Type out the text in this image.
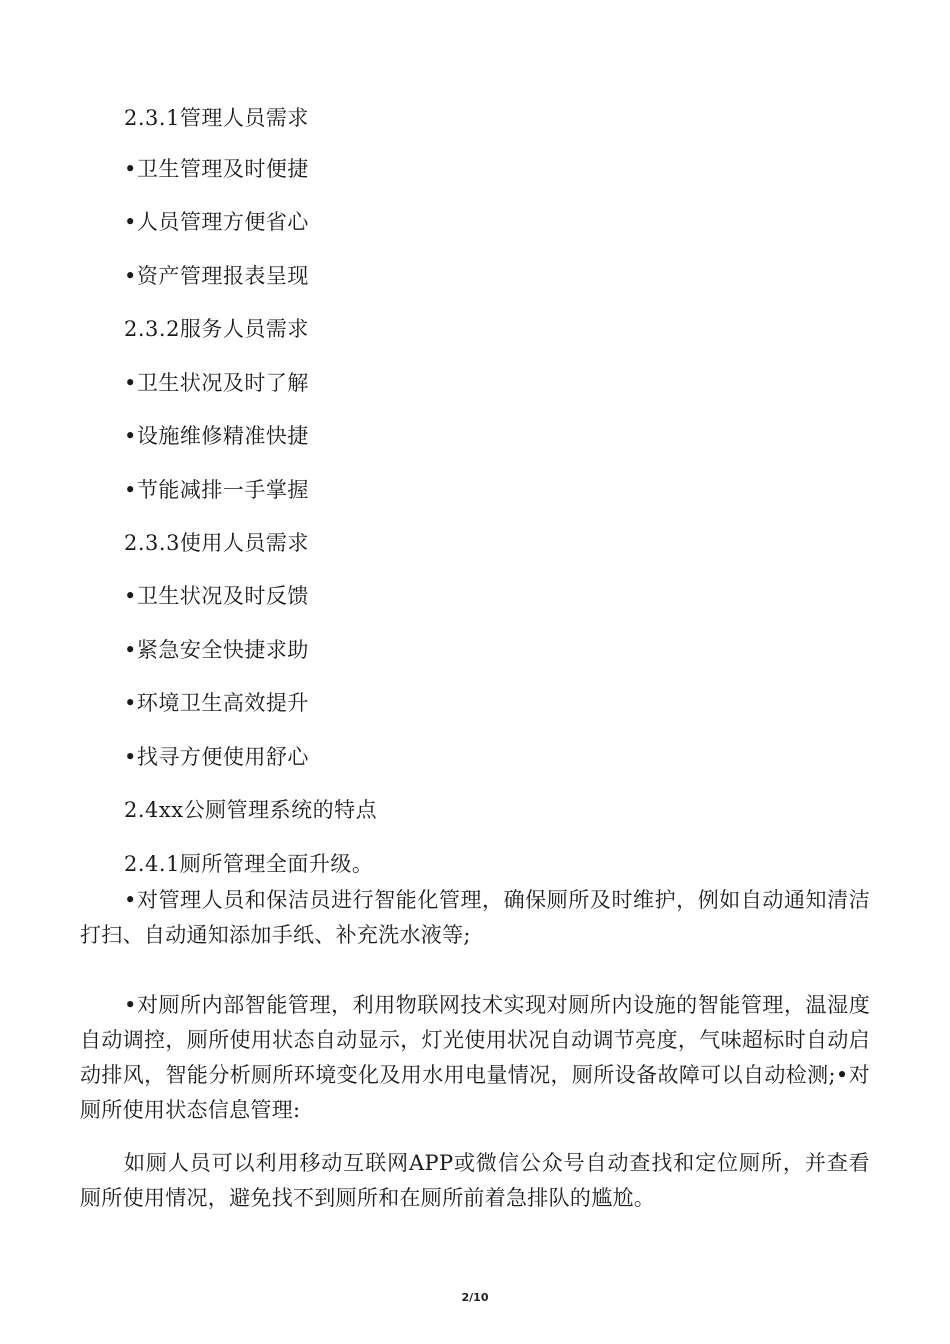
2.3.1管理人员需求
•卫生管理及时便捷
•人员管理方便省心
•资产管理报表呈现
2.3.2服务人员需求
•卫生状况及时了解
•设施维修精准快捷
•节能减排一手掌握
2.3.3使用人员需求
•卫生状况及时反馈
•紧急安全快捷求助
•环境卫生高效提升
•找寻方便使用舒心
2.4xx公厕管理系统的特点
2.4.1厕所管理全面升级。

•对管理人员和保洁员进行智能化管理，确保厕所及时维护，例如自动通知清洁打扫、自动通知添加手纸、补充洗水液等;

•对厕所内部智能管理，利用物联网技术实现对厕所内设施的智能管理，温湿度自动调控，厕所使用状态自动显示，灯光使用状况自动调节亮度，气味超标时自动启动排风，智能分析厕所环境变化及用水用电量情况，厕所设备故障可以自动检测;•对厕所使用状态信息管理:

如厕人员可以利用移动互联网APP或微信公众号自动查找和定位厕所，并查看厕所使用情况，避免找不到厕所和在厕所前着急排队的尴尬。

2/10
